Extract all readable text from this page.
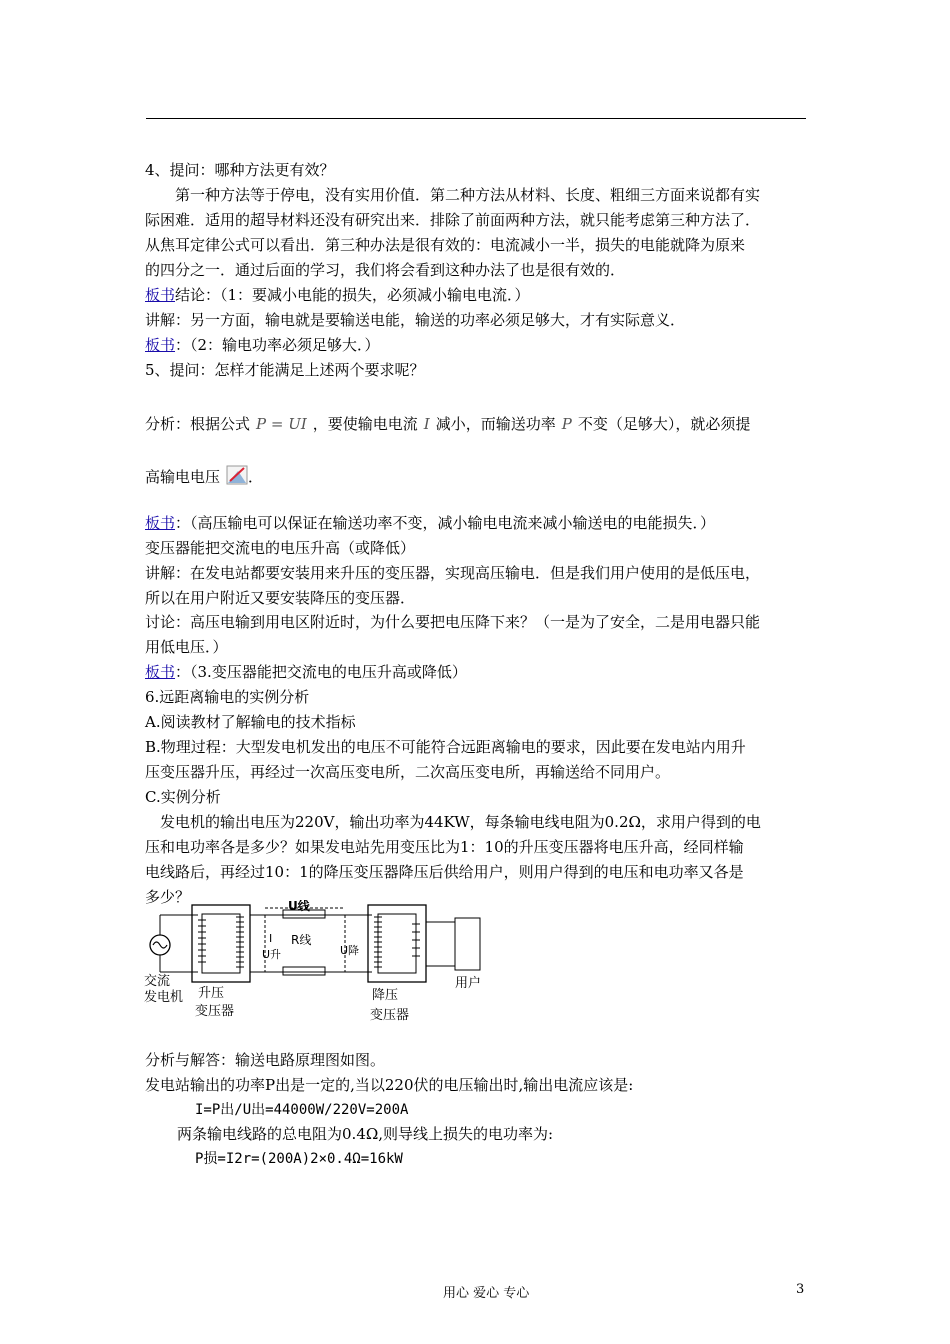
4、提问：哪种方法更有效？
　　第一种方法等于停电，没有实用价值．第二种方法从材料、长度、粗细三方面来说都有实
际困难．适用的超导材料还没有研究出来．排除了前面两种方法，就只能考虑第三种方法了．
从焦耳定律公式可以看出．第三种办法是很有效的：电流减小一半，损失的电能就降为原来
的四分之一．通过后面的学习，我们将会看到这种办法了也是很有效的．
板书结论：（1：要减小电能的损失，必须减小输电电流．）
讲解：另一方面，输电就是要输送电能，输送的功率必须足够大，才有实际意义．
板书：（2：输电功率必须足够大．）
5、提问：怎样才能满足上述两个要求呢？
分析：根据公式 P = UI ，要使输电电流 I 减小，而输送功率 P 不变（足够大），就必须提
高输电电压 ．
板书：（高压输电可以保证在输送功率不变，减小输电电流来减小输送电的电能损失．）
变压器能把交流电的电压升高（或降低）
讲解：在发电站都要安装用来升压的变压器，实现高压输电．但是我们用户使用的是低压电，
所以在用户附近又要安装降压的变压器．
讨论：高压电输到用电区附近时，为什么要把电压降下来？（一是为了安全，二是用电器只能
用低电压．）
板书：（3.变压器能把交流电的电压升高或降低）
6.远距离输电的实例分析
A.阅读教材了解输电的技术指标
B.物理过程：大型发电机发出的电压不可能符合远距离输电的要求，因此要在发电站内用升
压变压器升压，再经过一次高压变电所，二次高压变电所，再输送给不同用户。
C.实例分析
　发电机的输出电压为220V，输出功率为44KW，每条输电线电阻为0.2Ω，求用户得到的电
压和电功率各是多少？如果发电站先用变压比为1：10的升压变压器将电压升高，经同样输
电线路后，再经过10：1的降压变压器降压后供给用户，则用户得到的电压和电功率又各是
多少？
分析与解答：输送电路原理图如图。
发电站输出的功率P出是一定的,当以220伏的电压输出时,输出电流应该是:
I=P出/U出=44000W/220V=200A
两条输电线路的总电阻为0.4Ω,则导线上损失的电功率为:
P损=I2r=(200A)2×0.4Ω=16kW
U线
I
U升
R线
U降
交流
发电机 升压
变压器
降压
变压器
用户
用心 爱心 专心	3
